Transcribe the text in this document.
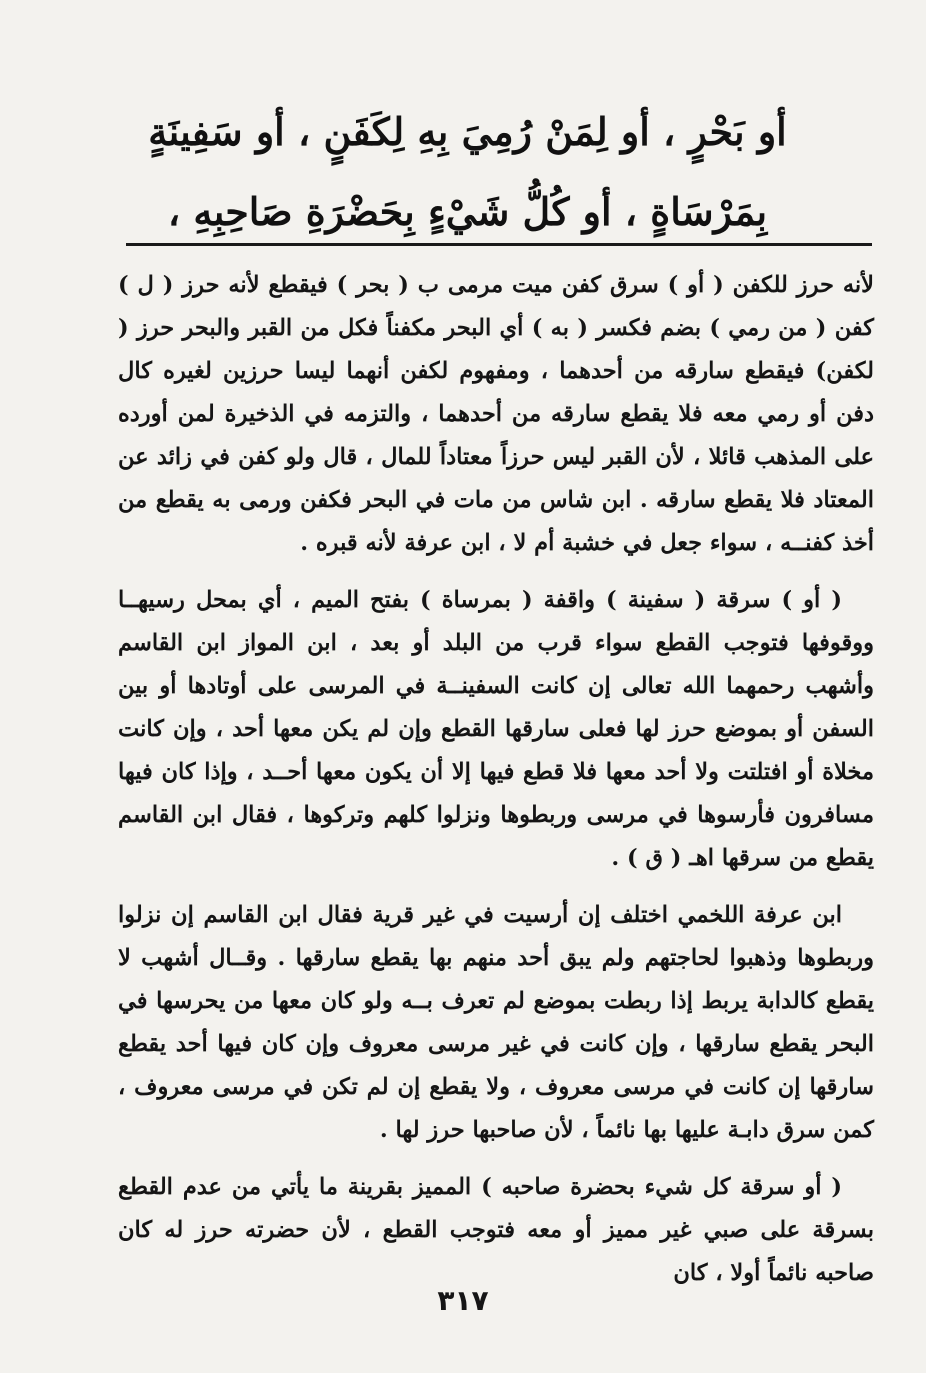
أو بَحْرٍ ، أو لِمَنْ رُمِيَ بِهِ لِكَفَنٍ ، أو سَفِينَةٍ بِمَرْسَاةٍ ، أو كُلُّ شَيْءٍ بِحَضْرَةِ صَاحِبِهِ ،

لأنه حرز للكفن ( أو ) سرق كفن ميت مرمى ب ( بحر ) فيقطع لأنه حرز ( ل ) كفن ( من رمي ) بضم فكسر ( به ) أي البحر مكفناً فكل من القبر والبحر حرز ( لكفن) فيقطع سارقه من أحدهما ، ومفهوم لكفن أنهما ليسا حرزين لغيره كال دفن أو رمي معه فلا يقطع سارقه من أحدهما ، والتزمه في الذخيرة لمن أورده على المذهب قائلا ، لأن القبر ليس حرزاً معتاداً للمال ، قال ولو كفن في زائد عن المعتاد فلا يقطع سارقه . ابن شاس من مات في البحر فكفن ورمى به يقطع من أخذ كفنــه ، سواء جعل في خشبة أم لا ، ابن عرفة لأنه قبره .

( أو ) سرقة ( سفينة ) واقفة ( بمرساة ) بفتح الميم ، أي بمحل رسيهــا ووقوفها فتوجب القطع سواء قرب من البلد أو بعد ، ابن المواز ابن القاسم وأشهب رحمهما الله تعالى إن كانت السفينــة في المرسى على أوتادها أو بين السفن أو بموضع حرز لها فعلى سارقها القطع وإن لم يكن معها أحد ، وإن كانت مخلاة أو افتلتت ولا أحد معها فلا قطع فيها إلا أن يكون معها أحــد ، وإذا كان فيها مسافرون فأرسوها في مرسى وربطوها ونزلوا كلهم وتركوها ، فقال ابن القاسم يقطع من سرقها اهـ ( ق ) .

ابن عرفة اللخمي اختلف إن أرسيت في غير قرية فقال ابن القاسم إن نزلوا وربطوها وذهبوا لحاجتهم ولم يبق أحد منهم بها يقطع سارقها . وقــال أشهب لا يقطع كالدابة يربط إذا ربطت بموضع لم تعرف بــه ولو كان معها من يحرسها في البحر يقطع سارقها ، وإن كانت في غير مرسى معروف وإن كان فيها أحد يقطع سارقها إن كانت في مرسى معروف ، ولا يقطع إن لم تكن في مرسى معروف ، كمن سرق دابـة عليها بها نائماً ، لأن صاحبها حرز لها .

( أو سرقة كل شيء بحضرة صاحبه ) المميز بقرينة ما يأتي من عدم القطع بسرقة على صبي غير مميز أو معه فتوجب القطع ، لأن حضرته حرز له كان صاحبه نائماً أولا ، كان

٣١٧
